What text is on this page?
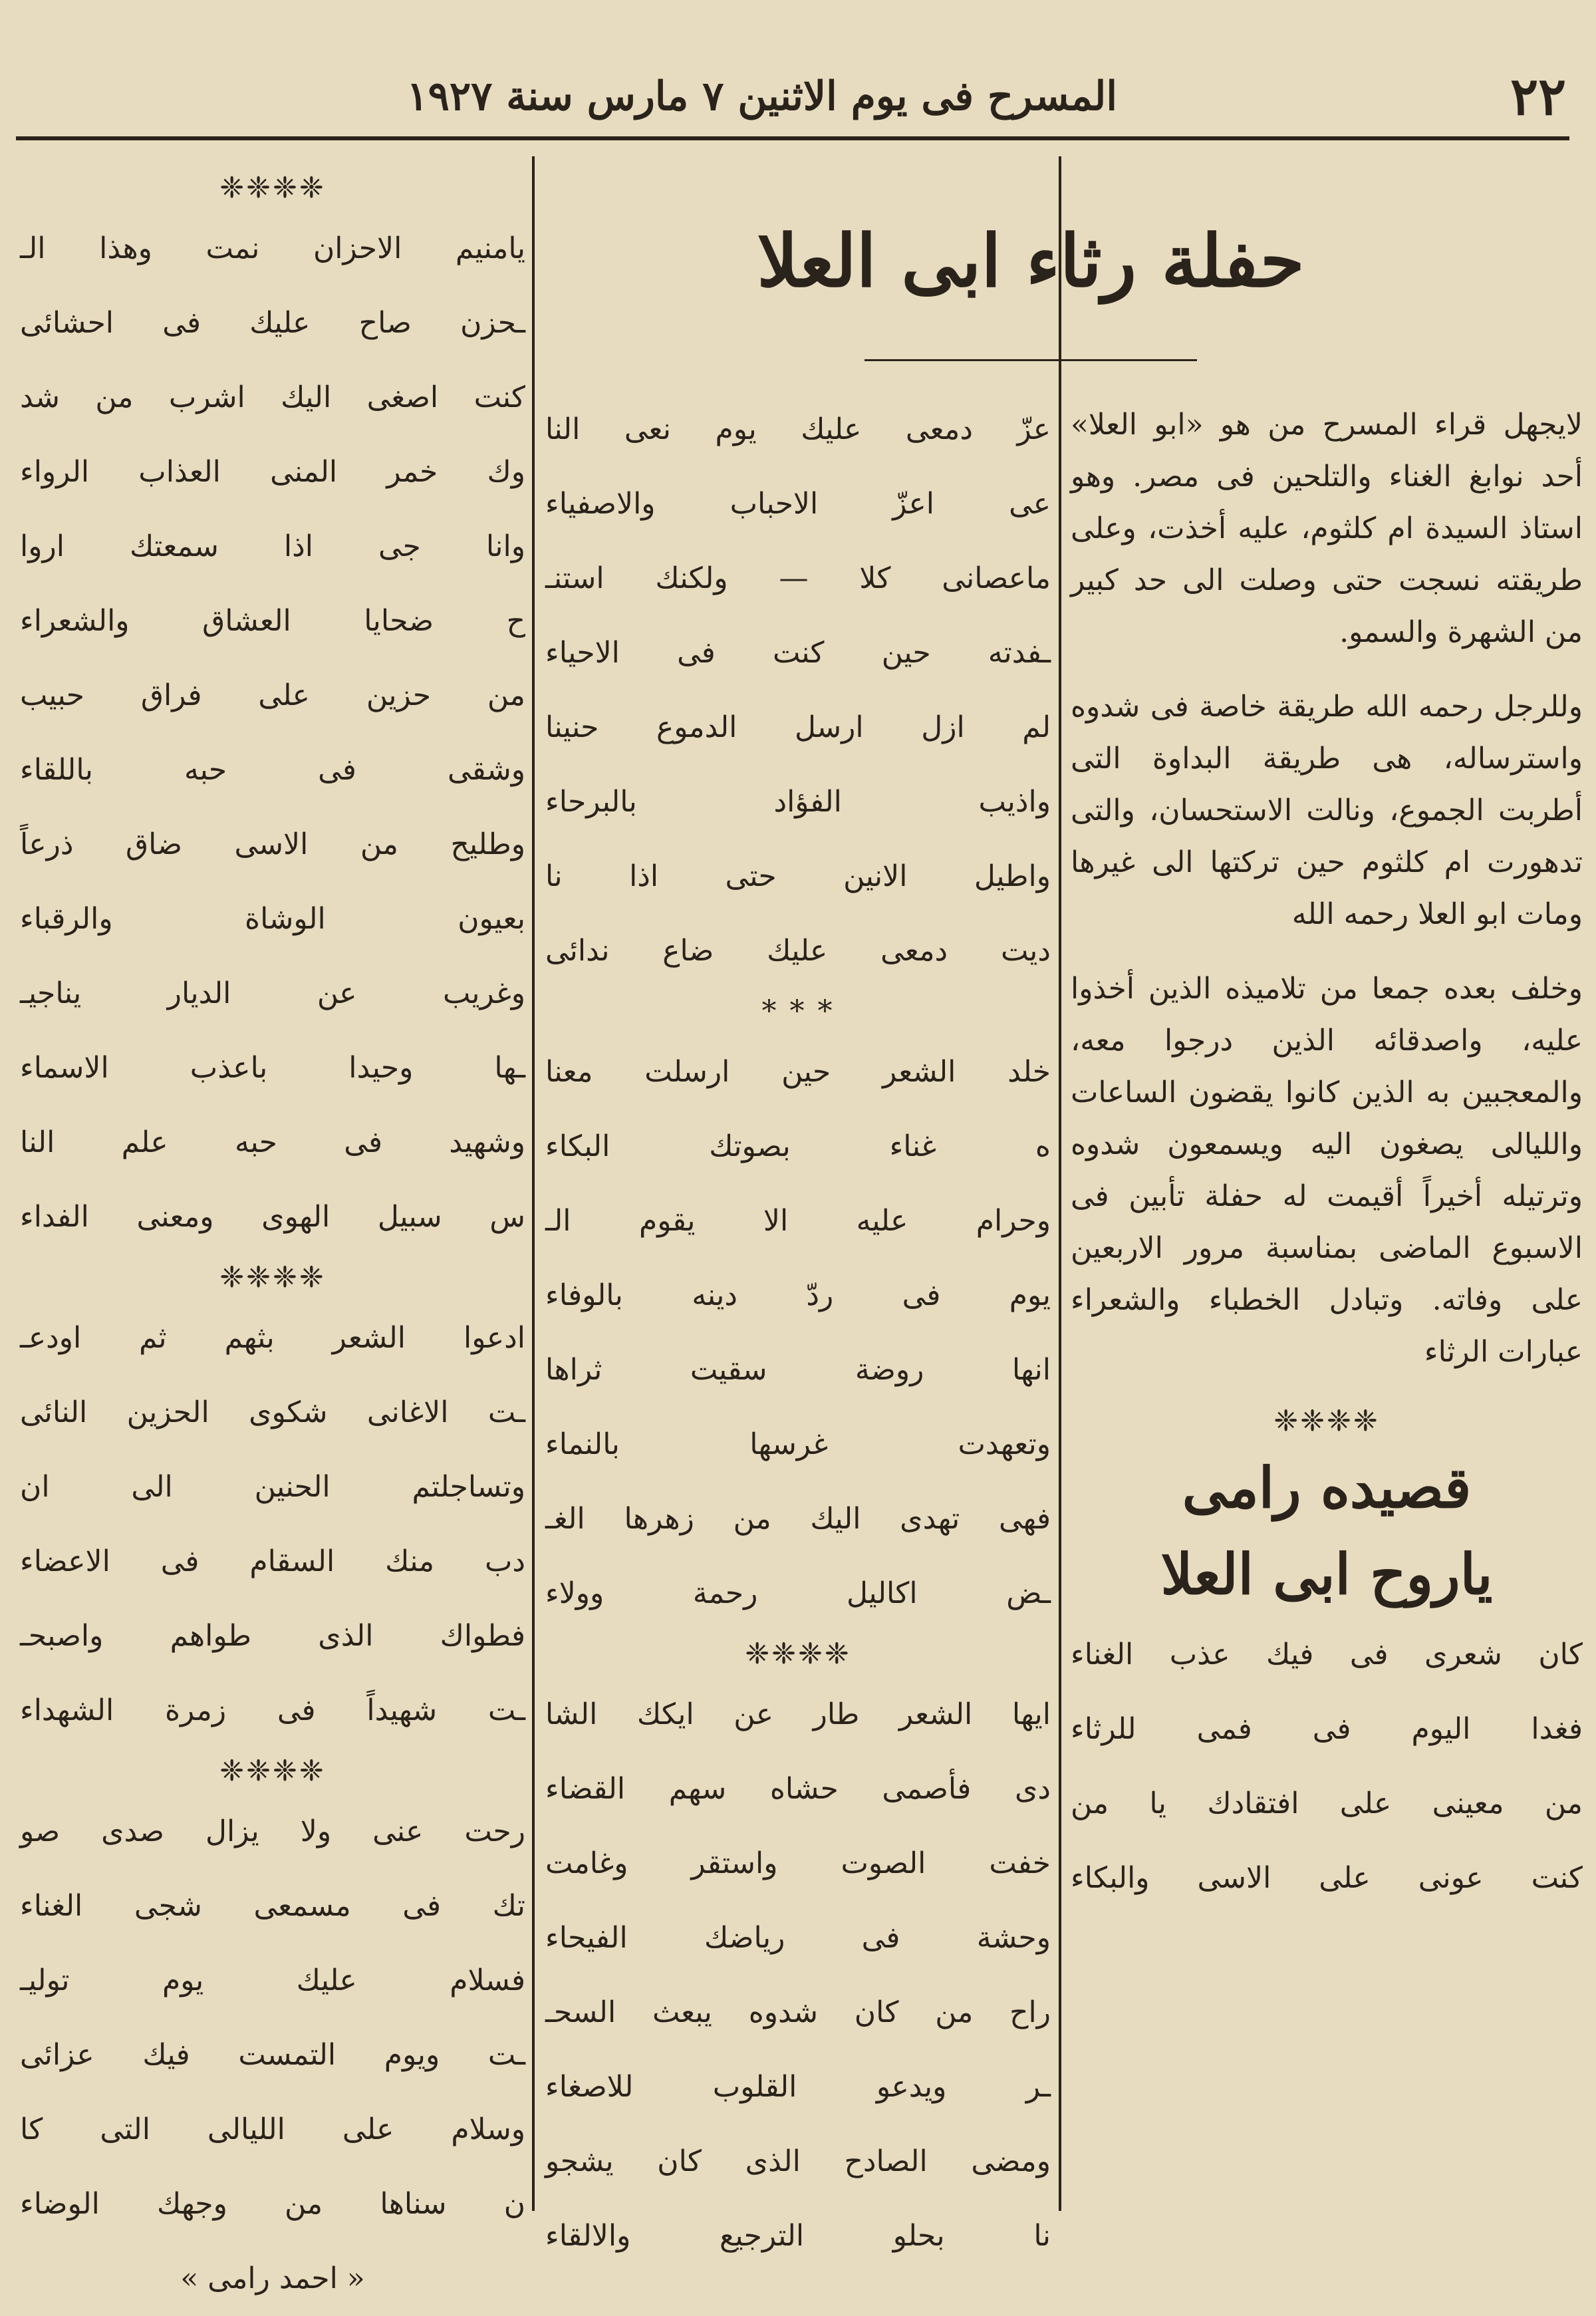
٢٢
المسرح فى يوم الاثنين ٧ مارس سنة ١٩٢٧
حفلة رثاء ابى العلا

لايجهل قراء المسرح من هو «ابو العلا» أحد نوابغ الغناء والتلحين فى مصر. وهو استاذ السيدة ام كلثوم، عليه أخذت، وعلى طريقته نسجت حتى وصلت الى حد كبير من الشهرة والسمو.

وللرجل رحمه الله طريقة خاصة فى شدوه واسترساله، هى طريقة البداوة التى أطربت الجموع، ونالت الاستحسان، والتى تدهورت ام كلثوم حين تركتها الى غيرها ومات ابو العلا رحمه الله

وخلف بعده جمعا من تلاميذه الذين أخذوا عليه، واصدقائه الذين درجوا معه، والمعجبين به الذين كانوا يقضون الساعات والليالى يصغون اليه ويسمعون شدوه وترتيله أخيراً أقيمت له حفلة تأبين فى الاسبوع الماضى بمناسبة مرور الاربعين على وفاته. وتبادل الخطباء والشعراء عبارات الرثاء

❈❈❈❈
قصيده رامى
ياروح ابى العلا

كان شعرى فى فيك عذب الغناء

فغدا اليوم فى فمى للرثاء

من معينى على افتقادك يا من

كنت عونى على الاسى والبكاء

عزّ دمعى عليك يوم نعى النا

عى اعزّ الاحباب والاصفياء

ماعصانى كلا — ولكنك استنـ

ـفدته حين كنت فى الاحياء

لم ازل ارسل الدموع حنينا

واذيب الفؤاد بالبرحاء

واطيل الانين حتى اذا نا

ديت دمعى عليك ضاع ندائى

* * *

خلد الشعر حين ارسلت معنا

ه غناء بصوتك البكاء

وحرام عليه الا يقوم الـ

يوم فى ردّ دينه بالوفاء

انها روضة سقيت ثراها

وتعهدت غرسها بالنماء

فهى تهدى اليك من زهرها الغـ

ـض اكاليل رحمة وولاء

❈❈❈❈

ايها الشعر طار عن ايكك الشا

دى فأصمى حشاه سهم القضاء

خفت الصوت واستقر وغامت

وحشة فى رياضك الفيحاء

راح من كان شدوه يبعث السحـ

ـر ويدعو القلوب للاصغاء

ومضى الصادح الذى كان يشجو

نا بحلو الترجيع والالقاء

❈❈❈❈

يامنيم الاحزان نمت وهذا الـ

ـحزن صاح عليك فى احشائى

كنت اصغى اليك اشرب من شد

وك خمر المنى العذاب الرواء

وانا جى اذا سمعتك اروا

ح ضحايا العشاق والشعراء

من حزين على فراق حبيب

وشقى فى حبه باللقاء

وطليح من الاسى ضاق ذرعاً

بعيون الوشاة والرقباء

وغريب عن الديار يناجيـ

ـها وحيدا باعذب الاسماء

وشهيد فى حبه علم النا

س سبيل الهوى ومعنى الفداء

❈❈❈❈

ادعوا الشعر بثهم ثم اودعـ

ـت الاغانى شكوى الحزين النائى

وتساجلتم الحنين الى ان

دب منك السقام فى الاعضاء

فطواك الذى طواهم واصبحـ

ـت شهيداً فى زمرة الشهداء

❈❈❈❈

رحت عنى ولا يزال صدى صو

تك فى مسمعى شجى الغناء

فسلام عليك يوم توليـ

ـت ويوم التمست فيك عزائى

وسلام على الليالى التى كا

ن سناها من وجهك الوضاء

« احمد رامى »
